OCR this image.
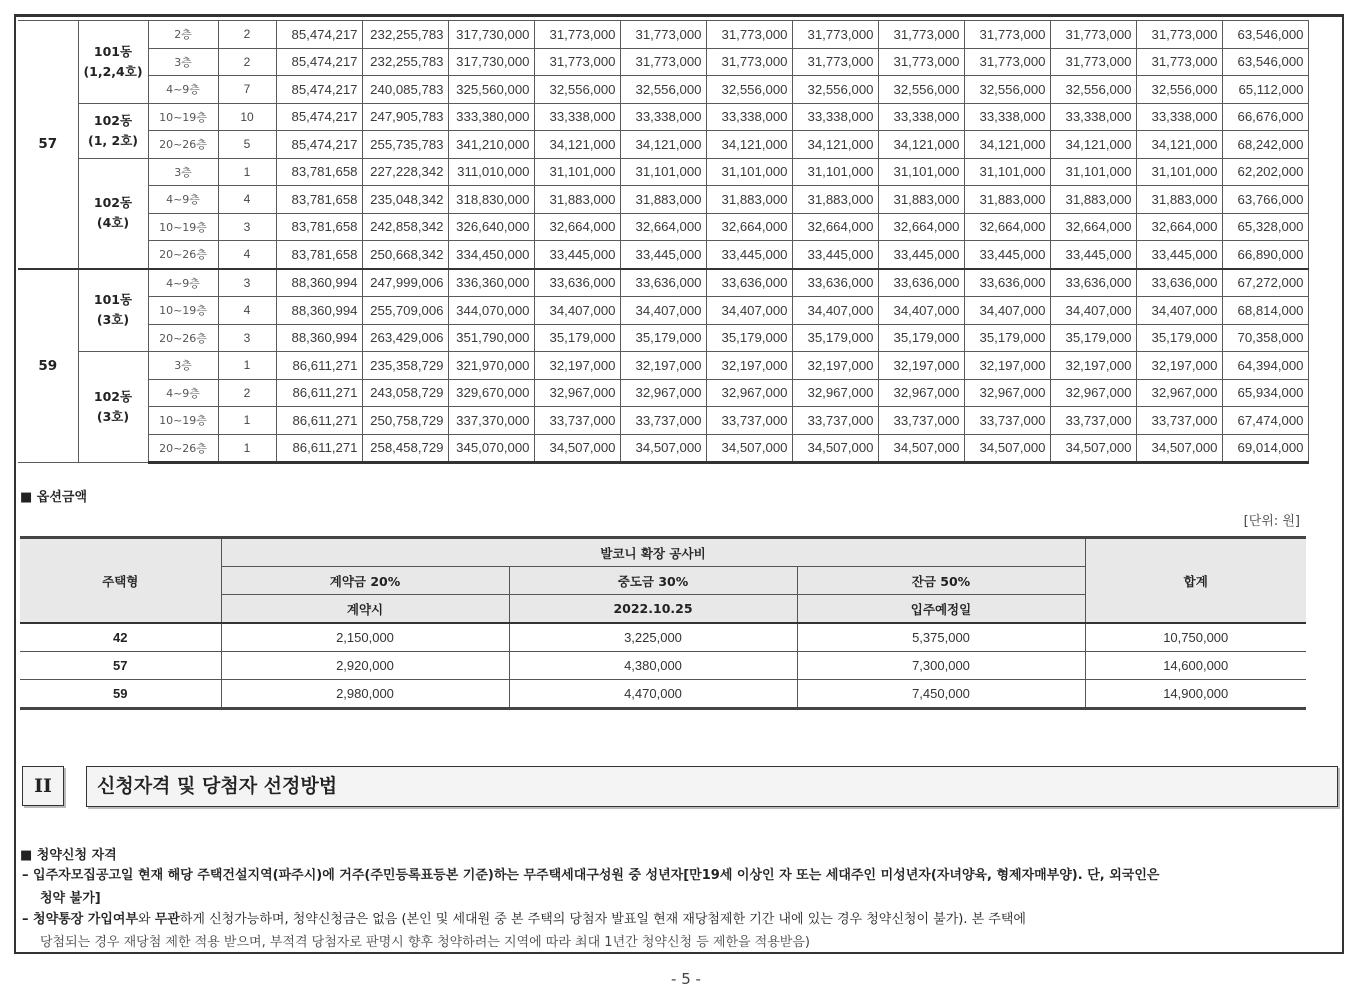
57	101동
(1,2,4호)	2층	2	85,474,217	232,255,783	317,730,000	31,773,000	31,773,000	31,773,000	31,773,000	31,773,000	31,773,000	31,773,000	31,773,000	63,546,000
		3층	2	85,474,217	232,255,783	317,730,000	31,773,000	31,773,000	31,773,000	31,773,000	31,773,000	31,773,000	31,773,000	31,773,000	63,546,000
		4~9층	7	85,474,217	240,085,783	325,560,000	32,556,000	32,556,000	32,556,000	32,556,000	32,556,000	32,556,000	32,556,000	32,556,000	65,112,000

	102동
(1, 2호)	10~19층	10	85,474,217	247,905,783	333,380,000	33,338,000	33,338,000	33,338,000	33,338,000	33,338,000	33,338,000	33,338,000	33,338,000	66,676,000
		20~26층	5	85,474,217	255,735,783	341,210,000	34,121,000	34,121,000	34,121,000	34,121,000	34,121,000	34,121,000	34,121,000	34,121,000	68,242,000

	102동
(4호)	3층	1	83,781,658	227,228,342	311,010,000	31,101,000	31,101,000	31,101,000	31,101,000	31,101,000	31,101,000	31,101,000	31,101,000	62,202,000
		4~9층	4	83,781,658	235,048,342	318,830,000	31,883,000	31,883,000	31,883,000	31,883,000	31,883,000	31,883,000	31,883,000	31,883,000	63,766,000
		10~19층	3	83,781,658	242,858,342	326,640,000	32,664,000	32,664,000	32,664,000	32,664,000	32,664,000	32,664,000	32,664,000	32,664,000	65,328,000
		20~26층	4	83,781,658	250,668,342	334,450,000	33,445,000	33,445,000	33,445,000	33,445,000	33,445,000	33,445,000	33,445,000	33,445,000	66,890,000
59	101동
(3호)	4~9층	3	88,360,994	247,999,006	336,360,000	33,636,000	33,636,000	33,636,000	33,636,000	33,636,000	33,636,000	33,636,000	33,636,000	67,272,000
		10~19층	4	88,360,994	255,709,006	344,070,000	34,407,000	34,407,000	34,407,000	34,407,000	34,407,000	34,407,000	34,407,000	34,407,000	68,814,000
		20~26층	3	88,360,994	263,429,006	351,790,000	35,179,000	35,179,000	35,179,000	35,179,000	35,179,000	35,179,000	35,179,000	35,179,000	70,358,000

	102동
(3호)	3층	1	86,611,271	235,358,729	321,970,000	32,197,000	32,197,000	32,197,000	32,197,000	32,197,000	32,197,000	32,197,000	32,197,000	64,394,000
		4~9층	2	86,611,271	243,058,729	329,670,000	32,967,000	32,967,000	32,967,000	32,967,000	32,967,000	32,967,000	32,967,000	32,967,000	65,934,000
		10~19층	1	86,611,271	250,758,729	337,370,000	33,737,000	33,737,000	33,737,000	33,737,000	33,737,000	33,737,000	33,737,000	33,737,000	67,474,000
		20~26층	1	86,611,271	258,458,729	345,070,000	34,507,000	34,507,000	34,507,000	34,507,000	34,507,000	34,507,000	34,507,000	34,507,000	69,014,000
■ 옵션금액
[단위: 원]
주택형	발코니 확장 공사비			합계
	계약금 20%	중도금 30%	잔금 50%	
	계약시	2022.10.25	입주예정일	
42	2,150,000	3,225,000	5,375,000	10,750,000
57	2,920,000	4,380,000	7,300,000	14,600,000
59	2,980,000	4,470,000	7,450,000	14,900,000
II	신청자격 및 당첨자 선정방법
■ 청약신청 자격
– 입주자모집공고일 현재 해당 주택건설지역(파주시)에 거주(주민등록표등본 기준)하는 무주택세대구성원 중 성년자[만19세 이상인 자 또는 세대주인 미성년자(자녀양육, 형제자매부양). 단, 외국인은
청약 불가]
– 청약통장 가입여부와 무관하게 신청가능하며, 청약신청금은 없음 (본인 및 세대원 중 본 주택의 당첨자 발표일 현재 재당첨제한 기간 내에 있는 경우 청약신청이 불가). 본 주택에
당첨되는 경우 재당첨 제한 적용 받으며, 부적격 당첨자로 판명시 향후 청약하려는 지역에 따라 최대 1년간 청약신청 등 제한을 적용받음)
- 5 -
